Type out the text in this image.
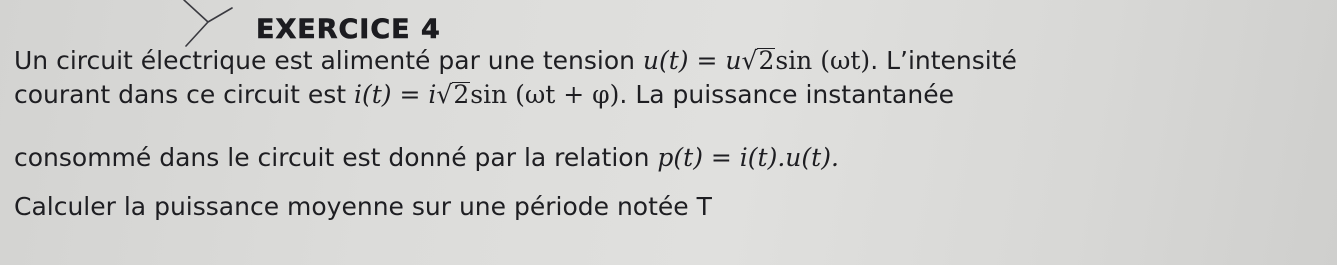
EXERCICE 4
Un circuit électrique est alimenté par une tension u(t) = u√2sin (ωt). L’intensité
courant dans ce circuit est i(t) = i√2sin (ωt + φ). La puissance instantanée
consommé dans le circuit est donné par la relation p(t) = i(t).u(t).
Calculer la puissance moyenne sur une période notée T
